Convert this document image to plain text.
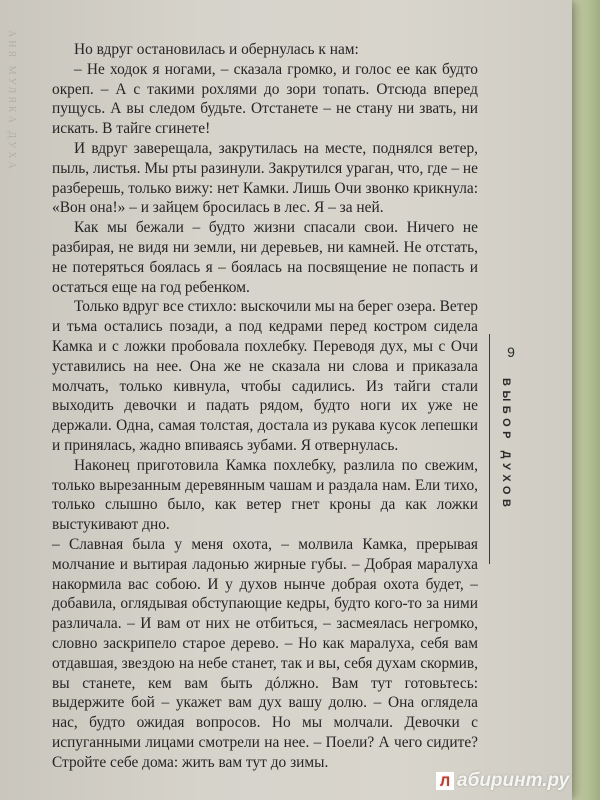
АНЯ МУЛЯКА ДУХА	Но вдруг остановилась и обернулась к нам:

– Не ходок я ногами, – сказала громко, и голос ее как будто окреп. – А с такими рохлями до зори топать. Отсюда вперед пущусь. А вы следом будьте. Отстанете – не стану ни звать, ни искать. В тайге сгинете!

И вдруг заверещала, закрутилась на месте, поднялся ветер, пыль, листья. Мы рты разинули. Закрутился ураган, что, где – не разберешь, только вижу: нет Камки. Лишь Очи звонко крикнула: «Вон она!» – и зайцем бросилась в лес. Я – за ней.

Как мы бежали – будто жизни спасали свои. Ничего не разбирая, не видя ни земли, ни деревьев, ни камней. Не отстать, не потеряться боялась я – боялась на посвящение не попасть и остаться еще на год ребенком.

Только вдруг все стихло: выскочили мы на берег озера. Ветер и тьма остались позади, а под кедрами перед костром сидела Камка и с ложки пробовала похлебку. Переводя дух, мы с Очи уставились на нее. Она же не сказала ни слова и приказала молчать, только кивнула, чтобы садились. Из тайги стали выходить девочки и падать рядом, будто ноги их уже не держали. Одна, самая толстая, достала из рукава кусок лепешки и принялась, жадно впиваясь зубами. Я отвернулась.

Наконец приготовила Камка похлебку, разлила по свежим, только вырезанным деревянным чашам и раздала нам. Ели тихо, только слышно было, как ветер гнет кроны да как ложки выстукивают дно.

– Славная была у меня охота, – молвила Камка, прерывая молчание и вытирая ладонью жирные губы. – Добрая маралуха накормила вас собою. И у духов нынче добрая охота будет, – добавила, оглядывая обступающие кедры, будто кого-то за ними различала. – И вам от них не отбиться, – засмеялась негромко, словно заскрипело старое дерево. – Но как маралуха, себя вам отдавшая, звездою на небе станет, так и вы, себя духам скормив, вы станете, кем вам быть дóлжно. Вам тут готовьтесь: выдержите бой – укажет вам дух вашу долю. – Она оглядела нас, будто ожидая вопросов. Но мы молчали. Девочки с испуганными лицами смотрели на нее. – Поели? А чего сидите? Стройте себе дома: жить вам тут до зимы.

9
ВЫБОР ДУХОВ
Л абиринт.ру
